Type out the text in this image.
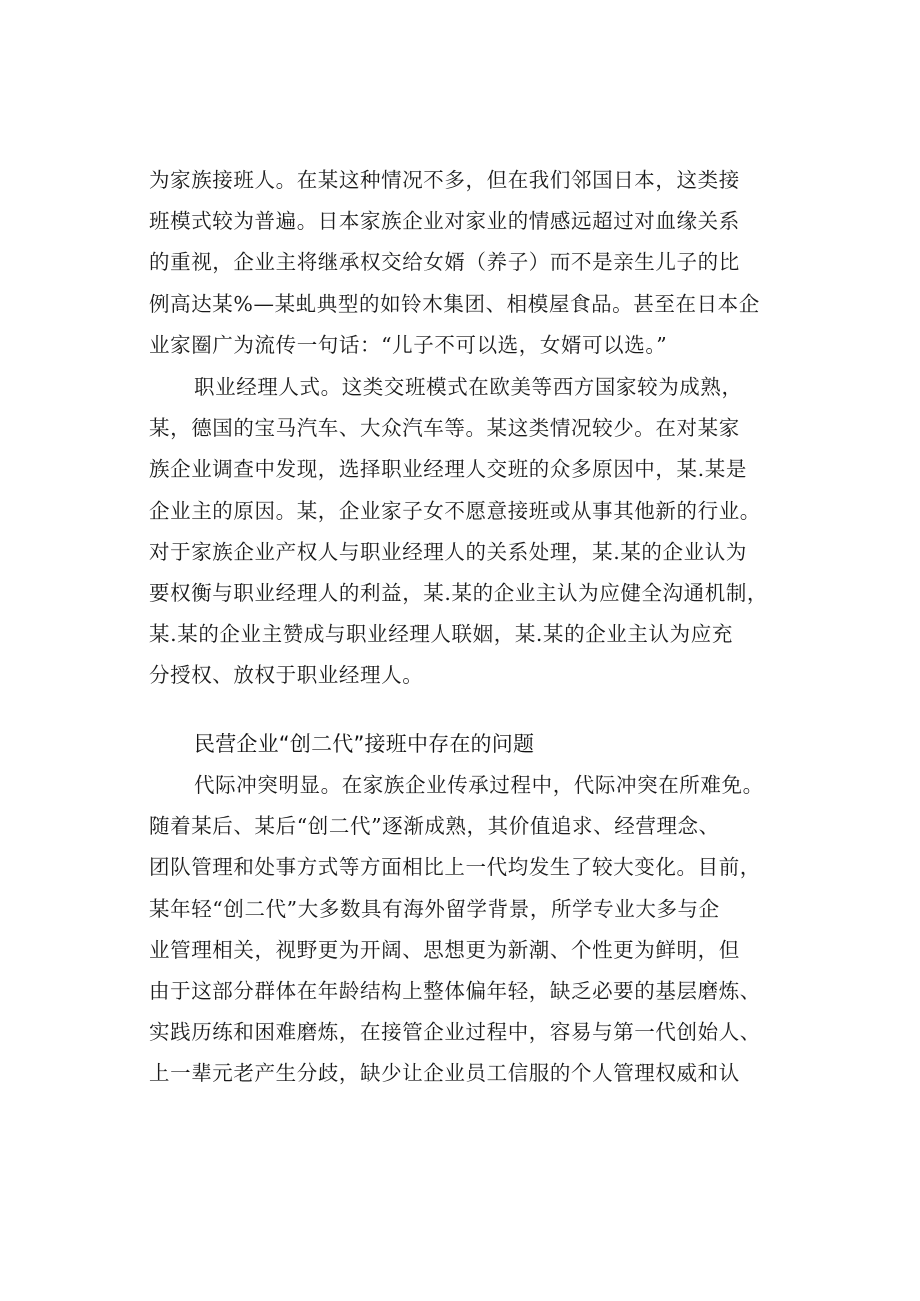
为家族接班人。在某这种情况不多，但在我们邻国日本，这类接
班模式较为普遍。日本家族企业对家业的情感远超过对血缘关系
的重视，企业主将继承权交给女婿（养子）而不是亲生儿子的比
例高达某%—某虬典型的如铃木集团、相模屋食品。甚至在日本企
业家圈广为流传一句话：“儿子不可以选，女婿可以选。”
职业经理人式。这类交班模式在欧美等西方国家较为成熟，
某，德国的宝马汽车、大众汽车等。某这类情况较少。在对某家
族企业调查中发现，选择职业经理人交班的众多原因中，某.某是
企业主的原因。某，企业家子女不愿意接班或从事其他新的行业。
对于家族企业产权人与职业经理人的关系处理，某.某的企业认为
要权衡与职业经理人的利益，某.某的企业主认为应健全沟通机制，
某.某的企业主赞成与职业经理人联姻，某.某的企业主认为应充
分授权、放权于职业经理人。
民营企业“创二代”接班中存在的问题
代际冲突明显。在家族企业传承过程中，代际冲突在所难免。
随着某后、某后“创二代”逐渐成熟，其价值追求、经营理念、
团队管理和处事方式等方面相比上一代均发生了较大变化。目前，
某年轻“创二代”大多数具有海外留学背景，所学专业大多与企
业管理相关，视野更为开阔、思想更为新潮、个性更为鲜明，但
由于这部分群体在年龄结构上整体偏年轻，缺乏必要的基层磨炼、
实践历练和困难磨炼，在接管企业过程中，容易与第一代创始人、
上一辈元老产生分歧，缺少让企业员工信服的个人管理权威和认
